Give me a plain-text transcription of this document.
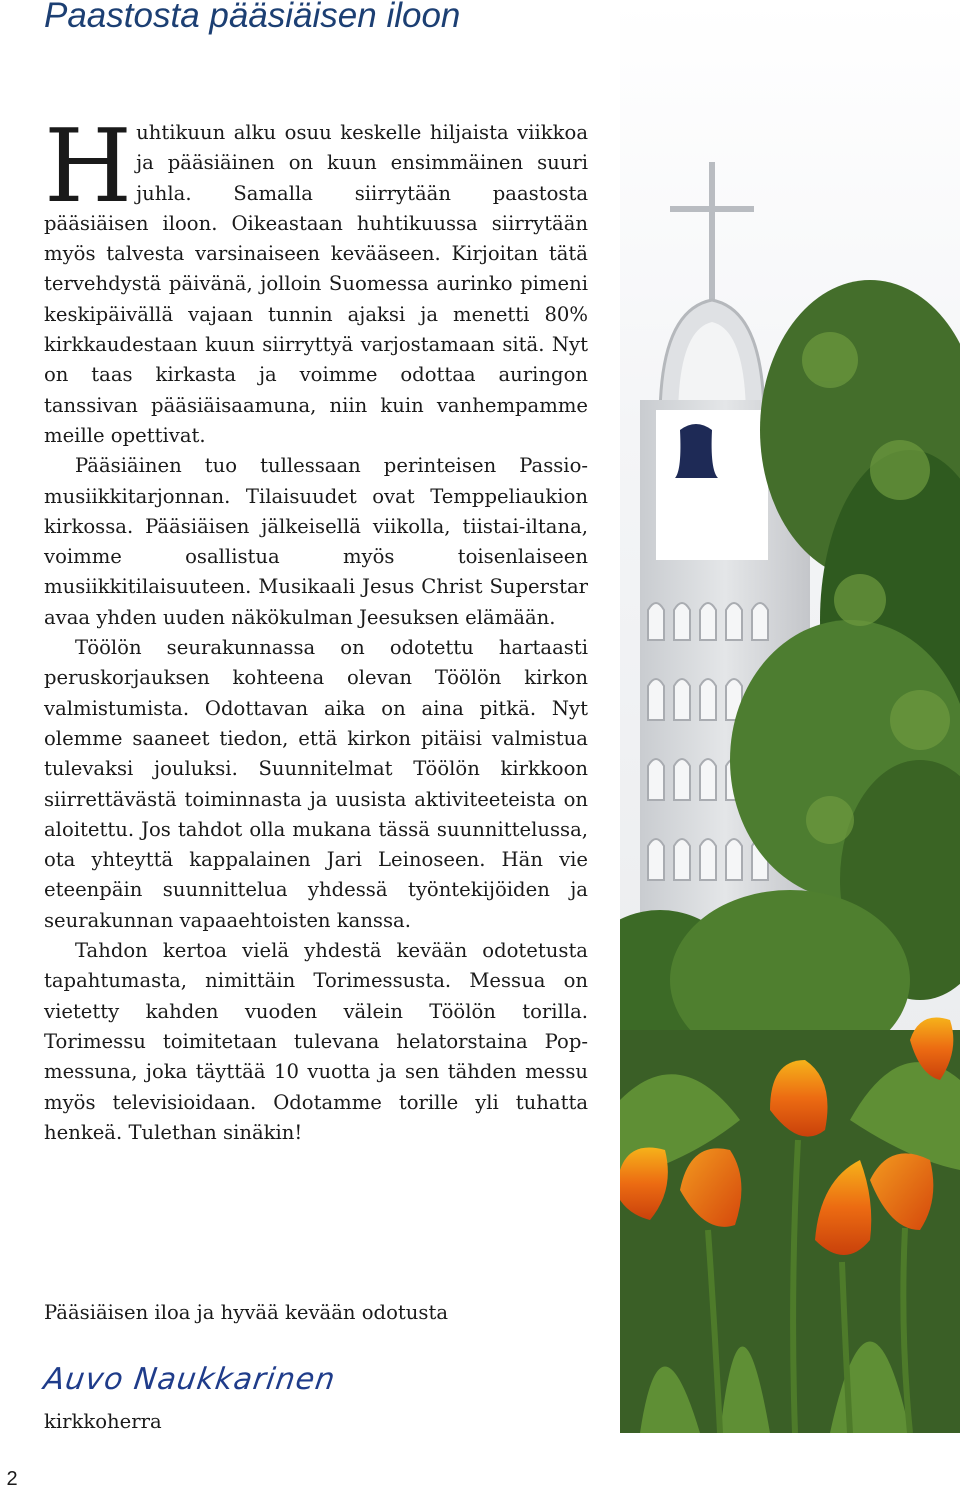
Paastosta pääsiäisen iloon

Huhtikuun alku osuu keskelle hiljaista viikkoa ja pääsiäinen on kuun ensimmäinen suuri juhla. Samalla siirrytään paastosta pääsiäisen iloon. Oikeastaan huhtikuussa siirrytään myös talvesta varsinaiseen kevääseen. Kirjoitan tätä tervehdystä päivänä, jolloin Suomessa aurinko pimeni keskipäivällä vajaan tunnin ajaksi ja menetti 80% kirkkaudestaan kuun siirryttyä varjostamaan sitä. Nyt on taas kirkasta ja voimme odottaa auringon tanssivan pääsiäisaamuna, niin kuin vanhempamme meille opettivat.

Pääsiäinen tuo tullessaan perinteisen Passiomusiikkitarjonnan. Tilaisuudet ovat Temppeliaukion kirkossa. Pääsiäisen jälkeisellä viikolla, tiistai-iltana, voimme osallistua myös toisenlaiseen musiikkitilaisuuteen. Musikaali Jesus Christ Superstar avaa yhden uuden näkökulman Jeesuksen elämään.

Töölön seurakunnassa on odotettu hartaasti peruskorjauksen kohteena olevan Töölön kirkon valmistumista. Odottavan aika on aina pitkä. Nyt olemme saaneet tiedon, että kirkon pitäisi valmistua tulevaksi jouluksi. Suunnitelmat Töölön kirkkoon siirrettävästä toiminnasta ja uusista aktiviteeteista on aloitettu. Jos tahdot olla mukana tässä suunnittelussa, ota yhteyttä kappalainen Jari Leinoseen. Hän vie eteenpäin suunnittelua yhdessä työntekijöiden ja seurakunnan vapaaehtoisten kanssa.

Tahdon kertoa vielä yhdestä kevään odotetusta tapahtumasta, nimittäin Torimessusta. Messua on vietetty kahden vuoden välein Töölön torilla. Torimessu toimitetaan tulevana helatorstaina Pop-messuna, joka täyttää 10 vuotta ja sen tähden messu myös televisioidaan. Odotamme torille yli tuhatta henkeä. Tulethan sinäkin!

Pääsiäisen iloa ja hyvää kevään odotusta
Auvo Naukkarinen
kirkkoherra
2
